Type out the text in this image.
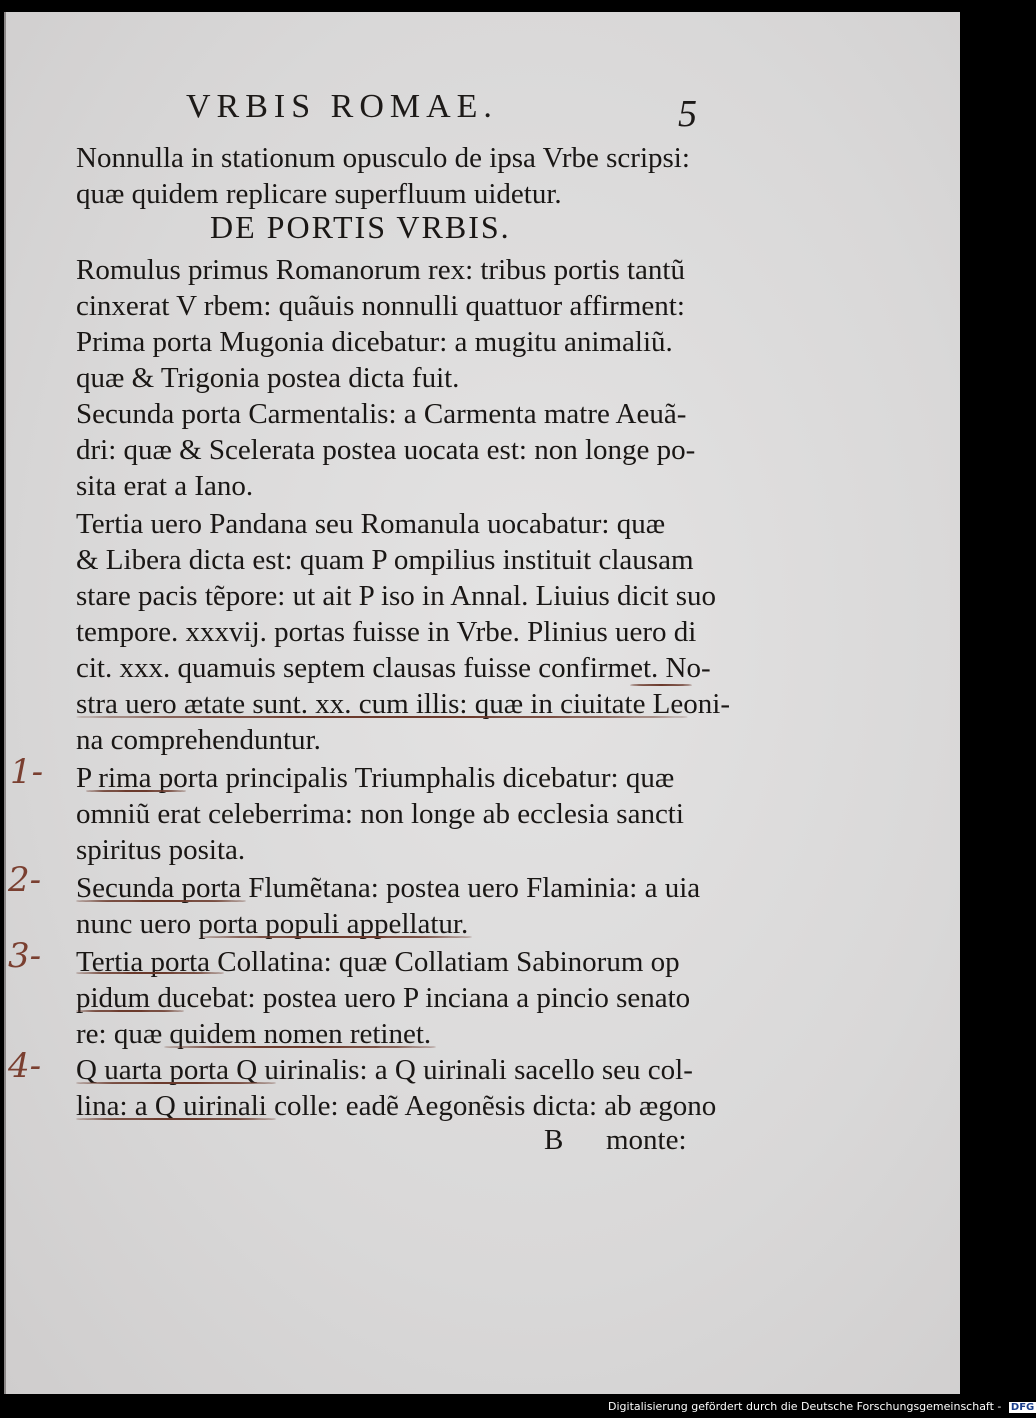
VRBIS ROMAE.	5
Nonnulla in stationum opusculo de ipsa Vrbe scripsi:
quæ quidem replicare superfluum uidetur.
DE PORTIS VRBIS.
Romulus primus Romanorum rex: tribus portis tantũ
cinxerat V rbem: quãuis nonnulli quattuor affirment:
Prima porta Mugonia dicebatur: a mugitu animaliũ.
quæ & Trigonia postea dicta fuit.
Secunda porta Carmentalis: a Carmenta matre Aeuã-
dri: quæ & Scelerata postea uocata est: non longe po-
sita erat a Iano.
Tertia uero Pandana seu Romanula uocabatur: quæ
& Libera dicta est: quam P ompilius instituit clausam
stare pacis tẽpore: ut ait P iso in Annal. Liuius dicit suo
tempore. xxxvij. portas fuisse in Vrbe. Plinius uero di
cit. xxx. quamuis septem clausas fuisse confirmet. No-
stra uero ætate sunt. xx. cum illis: quæ in ciuitate Leoni-
na comprehenduntur.
P rima porta principalis Triumphalis dicebatur: quæ
omniũ erat celeberrima: non longe ab ecclesia sancti
spiritus posita.
Secunda porta Flumẽtana: postea uero Flaminia: a uia
nunc uero porta populi appellatur.
Tertia porta Collatina: quæ Collatiam Sabinorum op
pidum ducebat: postea uero P inciana a pincio senato
re: quæ quidem nomen retinet.
Q uarta porta Q uirinalis: a Q uirinali sacello seu col-
lina: a Q uirinali colle: eadẽ Aegonẽsis dicta: ab ægono
B monte:
1-
2-
3-
4-
Digitalisierung gefördert durch die Deutsche Forschungsgemeinschaft - DFG
